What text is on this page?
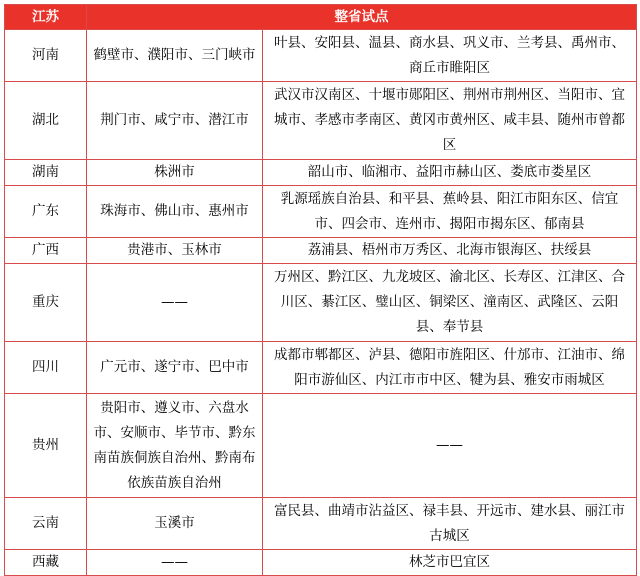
江苏	整省试点	
河南	鹤壁市、濮阳市、三门峡市	叶县、安阳县、温县、商水县、巩义市、兰考县、禹州市、商丘市睢阳区
湖北	荆门市、咸宁市、潜江市	武汉市汉南区、十堰市郧阳区、荆州市荆州区、当阳市、宜城市、孝感市孝南区、黄冈市黄州区、咸丰县、随州市曾都区
湖南	株洲市	韶山市、临湘市、益阳市赫山区、娄底市娄星区
广东	珠海市、佛山市、惠州市	乳源瑶族自治县、和平县、蕉岭县、阳江市阳东区、信宜市、四会市、连州市、揭阳市揭东区、郁南县
广西	贵港市、玉林市	荔浦县、梧州市万秀区、北海市银海区、扶绥县
重庆	——	万州区、黔江区、九龙坡区、渝北区、长寿区、江津区、合川区、綦江区、璧山区、铜梁区、潼南区、武隆区、云阳县、奉节县
四川	广元市、遂宁市、巴中市	成都市郫都区、泸县、德阳市旌阳区、什邡市、江油市、绵阳市游仙区、内江市市中区、犍为县、雅安市雨城区
贵州	贵阳市、遵义市、六盘水市、安顺市、毕节市、黔东南苗族侗族自治州、黔南布依族苗族自治州	——
云南	玉溪市	富民县、曲靖市沾益区、禄丰县、开远市、建水县、丽江市古城区
西藏	——	林芝市巴宜区
